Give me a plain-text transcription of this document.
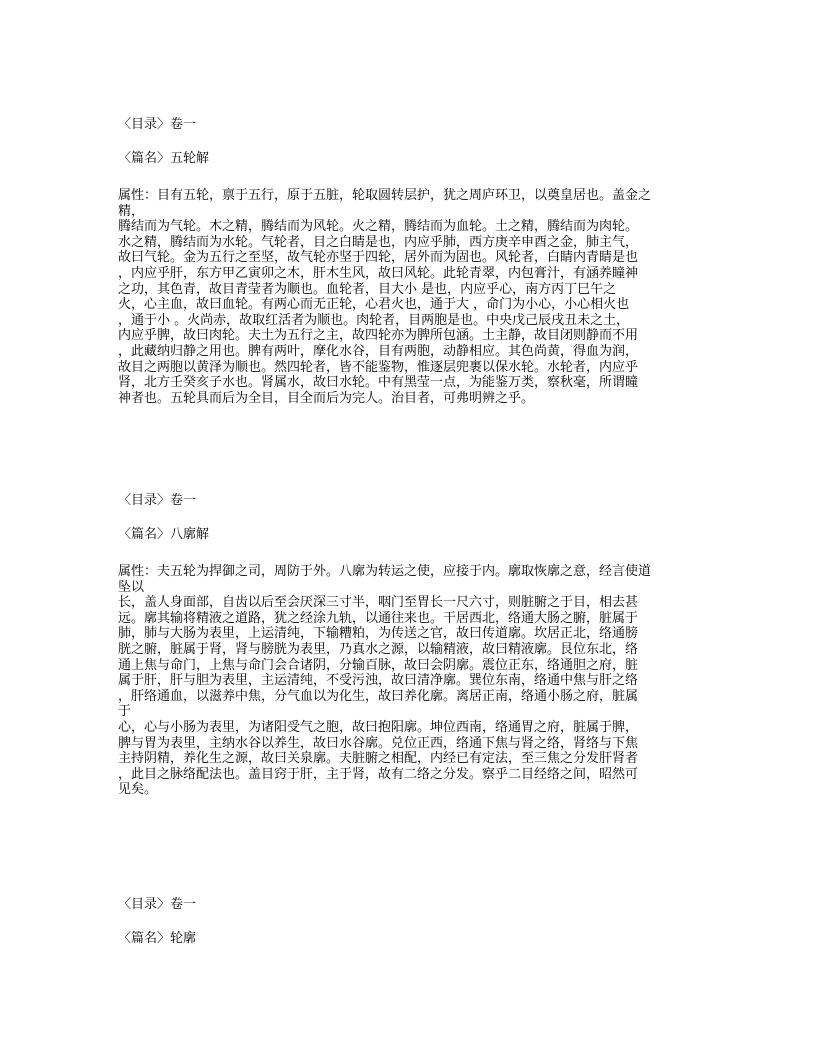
〈目录〉卷一

〈篇名〉五轮解

属性：目有五轮，禀于五行，原于五脏，轮取圆转层护，犹之周庐环卫，以奠皇居也。盖金之
精，
腾结而为气轮。木之精，腾结而为风轮。火之精，腾结而为血轮。土之精，腾结而为肉轮。
水之精，腾结而为水轮。气轮者，目之白睛是也，内应乎肺，西方庚辛申酉之金，肺主气，
故曰气轮。金为五行之至坚，故气轮亦坚于四轮，居外而为固也。风轮者，白睛内青睛是也
，内应乎肝，东方甲乙寅卯之木，肝木生风，故曰风轮。此轮青翠，内包膏汁，有涵养瞳神
之功，其色青，故目青莹者为顺也。血轮者，目大小 是也，内应乎心，南方丙丁巳午之
火，心主血，故曰血轮。有两心而无正轮，心君火也，通于大 ，命门为小心，小心相火也
，通于小 。火尚赤，故取红活者为顺也。肉轮者，目两胞是也。中央戊己辰戌丑未之土，
内应乎脾，故曰肉轮。夫土为五行之主，故四轮亦为脾所包涵。土主静，故目闭则静而不用
，此藏纳归静之用也。脾有两叶，摩化水谷，目有两胞，动静相应。其色尚黄，得血为润，
故目之两胞以黄泽为顺也。然四轮者，皆不能鉴物，惟逐层兜裹以保水轮。水轮者，内应乎
肾，北方壬癸亥子水也。肾属水，故曰水轮。中有黑莹一点，为能鉴万类，察秋毫，所谓瞳
神者也。五轮具而后为全目，目全而后为完人。治目者，可弗明辨之乎。

〈目录〉卷一

〈篇名〉八廓解

属性：夫五轮为捍御之司，周防于外。八廓为转运之使，应接于内。廓取恢廓之意，经言使道
坠以
长，盖人身面部，自齿以后至会厌深三寸半，咽门至胃长一尺六寸，则脏腑之于目，相去甚
远。廓其输将精液之道路，犹之经涂九轨，以通往来也。干居西北，络通大肠之腑，脏属于
肺，肺与大肠为表里，上运清纯，下输糟粕，为传送之官，故曰传道廓。坎居正北，络通膀
胱之腑，脏属于肾，肾与膀胱为表里，乃真水之源，以输精液，故曰精液廓。艮位东北，络
通上焦与命门，上焦与命门会合诸阴，分输百脉，故曰会阴廓。震位正东，络通胆之府，脏
属于肝，肝与胆为表里，主运清纯，不受污浊，故曰清净廓。巽位东南，络通中焦与肝之络
，肝络通血，以滋养中焦，分气血以为化生，故曰养化廓。离居正南，络通小肠之府，脏属
于
心，心与小肠为表里，为诸阳受气之胞，故曰抱阳廓。坤位西南，络通胃之府，脏属于脾，
脾与胃为表里，主纳水谷以养生，故曰水谷廓。兑位正西，络通下焦与肾之络，肾络与下焦
主持阴精，养化生之源，故曰关泉廓。夫脏腑之相配，内经已有定法，至三焦之分发肝肾者
，此目之脉络配法也。盖目窍于肝，主于肾，故有二络之分发。察乎二目经络之间，昭然可
见矣。

〈目录〉卷一

〈篇名〉轮廓
